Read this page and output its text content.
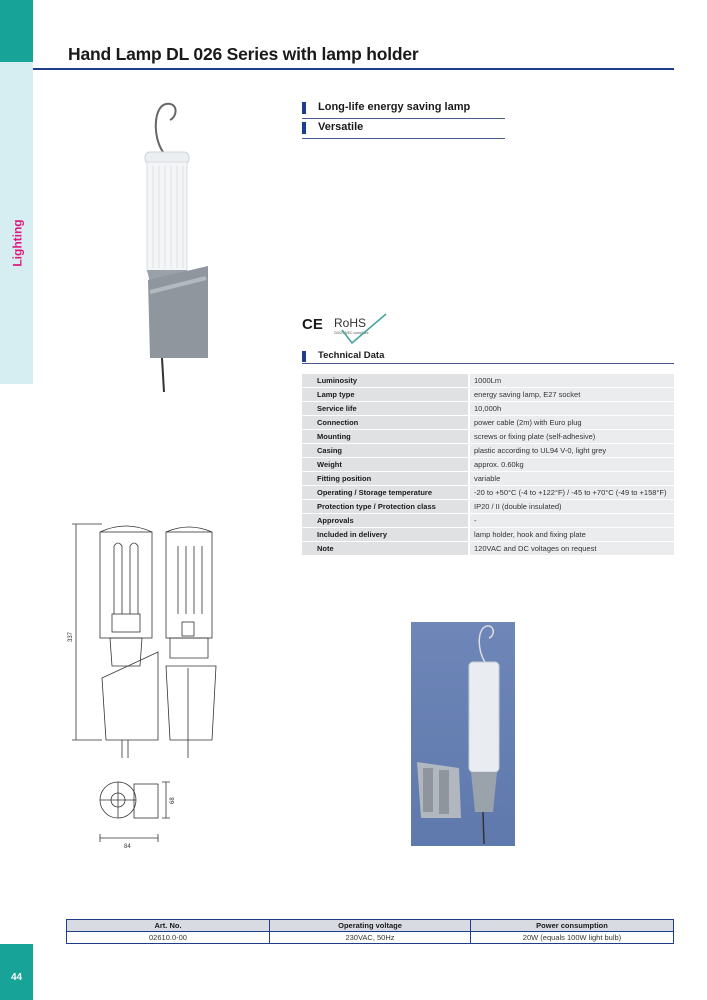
Lighting
44
Hand Lamp DL 026 Series with lamp holder
Long-life energy saving lamp
Versatile
CE RoHS
2002/95/EC compliant
Technical Data
Luminosity	1000Lm
Lamp type	energy saving lamp, E27 socket
Service life	10,000h
Connection	power cable (2m) with Euro plug
Mounting	screws or fixing plate (self-adhesive)
Casing	plastic according to UL94 V-0, light grey
Weight	approx. 0.60kg
Fitting position	variable
Operating / Storage temperature	-20 to +50°C (-4 to +122°F) / -45 to +70°C (-49 to +158°F)
Protection type / Protection class	IP20 / II (double insulated)
Approvals	-
Included in delivery	lamp holder, hook and fixing plate
Note	120VAC and DC voltages on request
337
84
68
Art. No.	Operating voltage	Power consumption
02610.0-00	230VAC, 50Hz	20W (equals 100W light bulb)
